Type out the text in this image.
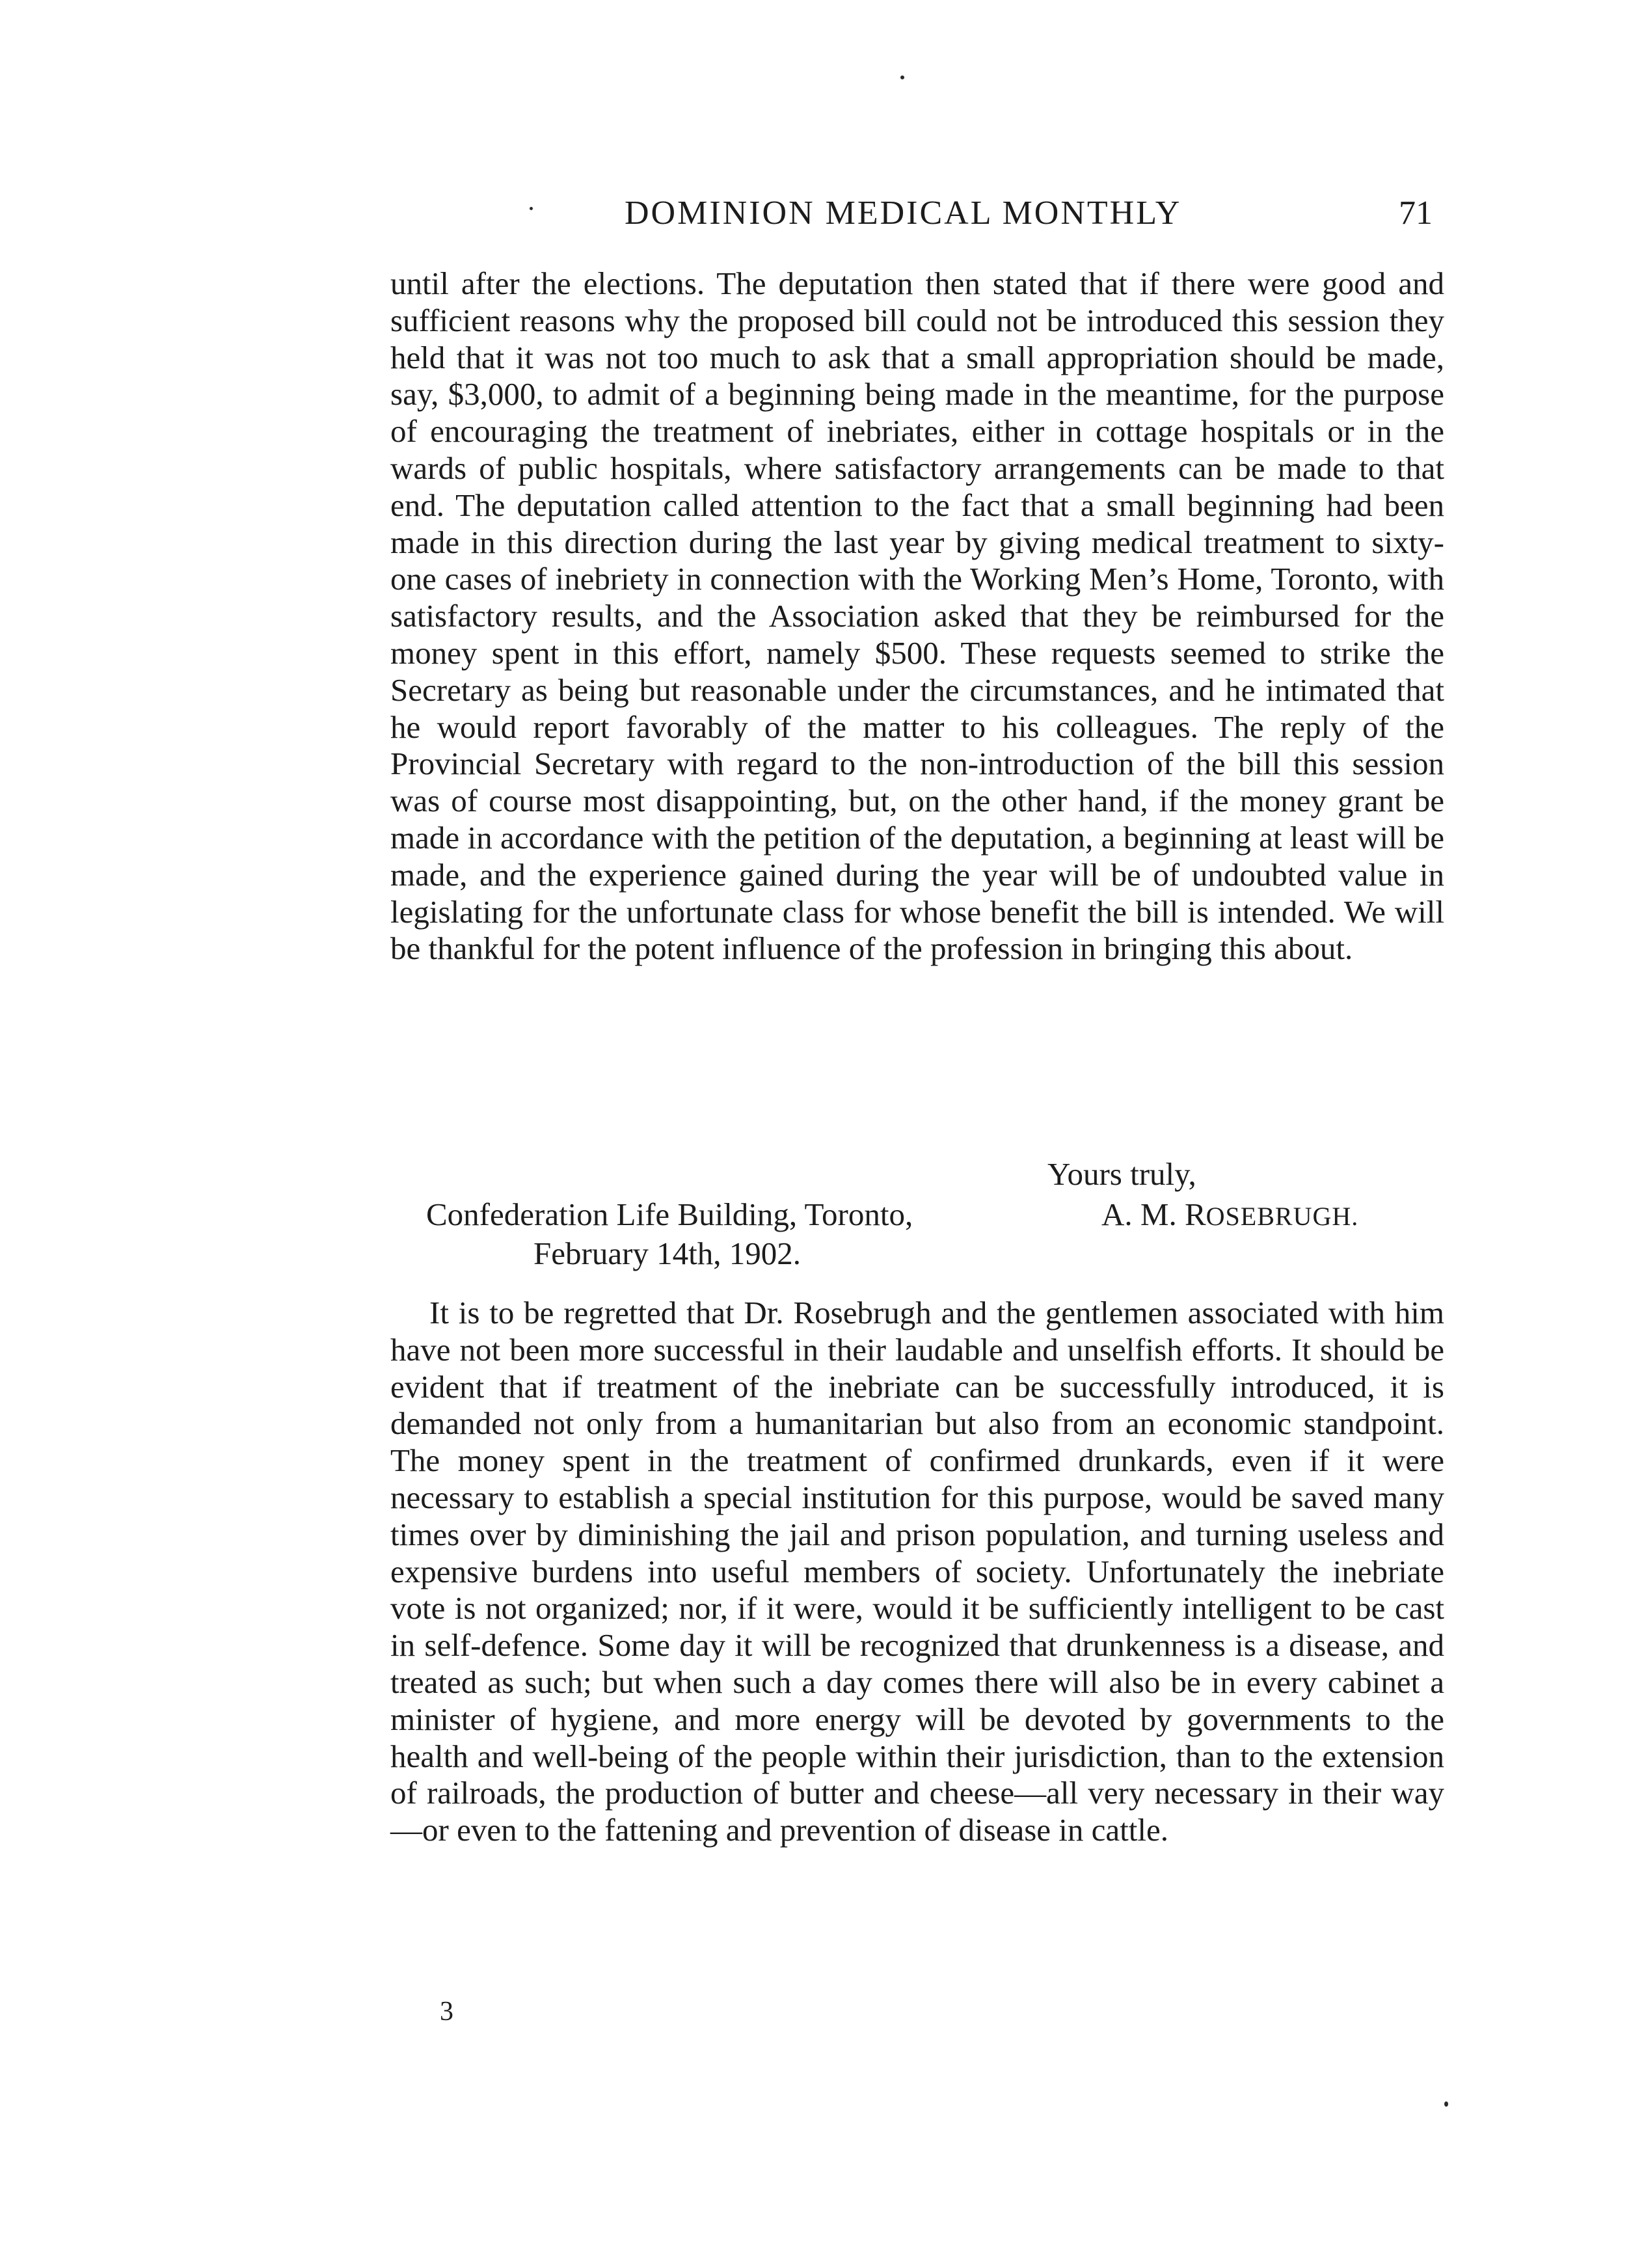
DOMINION MEDICAL MONTHLY	71

until after the elections. The deputation then stated that if there were good and sufficient reasons why the proposed bill could not be introduced this session they held that it was not too much to ask that a small appropriation should be made, say, $3,000, to admit of a beginning being made in the meantime, for the purpose of encouraging the treatment of inebriates, either in cottage hospitals or in the wards of public hospitals, where satisfactory arrangements can be made to that end. The deputation called attention to the fact that a small beginning had been made in this direction during the last year by giving medical treatment to sixty-one cases of inebriety in connection with the Working Men’s Home, Toronto, with satisfactory results, and the Association asked that they be reimbursed for the money spent in this effort, namely $500. These requests seemed to strike the Secretary as being but reasonable under the circumstances, and he intimated that he would report favorably of the matter to his colleagues. The reply of the Provincial Secretary with regard to the non-introduction of the bill this session was of course most disappointing, but, on the other hand, if the money grant be made in accordance with the petition of the deputation, a beginning at least will be made, and the experience gained during the year will be of undoubted value in legislating for the unfortunate class for whose benefit the bill is intended. We will be thankful for the potent influence of the profession in bringing this about.

Yours truly,
Confederation Life Building, Toronto,	A. M. ROSEBRUGH.
February 14th, 1902.

It is to be regretted that Dr. Rosebrugh and the gentlemen associated with him have not been more successful in their laudable and unselfish efforts. It should be evident that if treatment of the inebriate can be successfully introduced, it is demanded not only from a humanitarian but also from an economic standpoint. The money spent in the treatment of confirmed drunkards, even if it were necessary to establish a special institution for this purpose, would be saved many times over by diminishing the jail and prison population, and turning useless and expensive burdens into useful members of society. Unfortunately the inebriate vote is not organized; nor, if it were, would it be sufficiently intelligent to be cast in self-defence. Some day it will be recognized that drunkenness is a disease, and treated as such; but when such a day comes there will also be in every cabinet a minister of hygiene, and more energy will be devoted by governments to the health and well-being of the people within their jurisdiction, than to the extension of railroads, the production of butter and cheese—all very necessary in their way—or even to the fattening and prevention of disease in cattle.

3
